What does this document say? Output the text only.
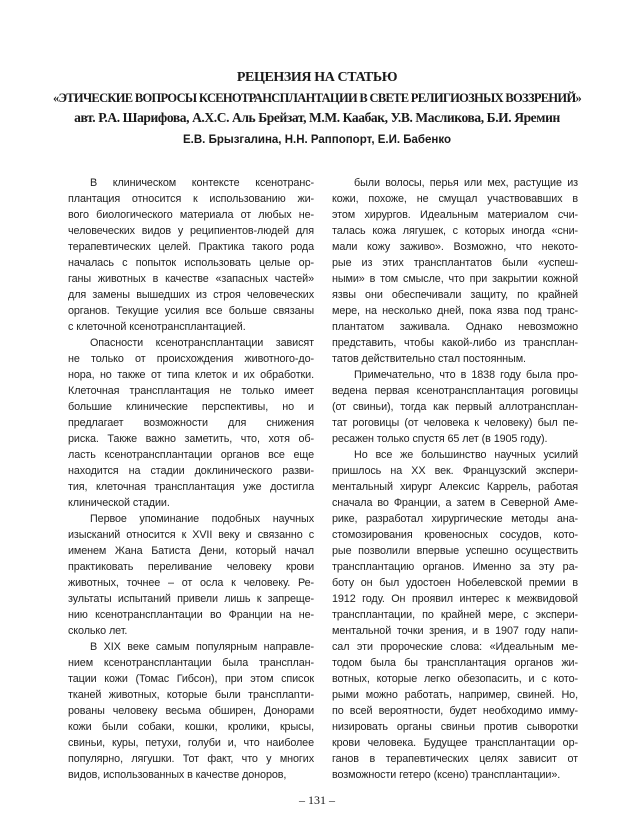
РЕЦЕНЗИЯ НА СТАТЬЮ
«ЭТИЧЕСКИЕ ВОПРОСЫ КСЕНОТРАНСПЛАНТАЦИИ В СВЕТЕ РЕЛИГИОЗНЫХ ВОЗЗРЕНИЙ»
авт. Р.А. Шарифова, А.Х.С. Аль Брейзат, М.М. Каабак, У.В. Масликова, Б.И. Яремин
Е.В. Брызгалина, Н.Н. Раппопорт, Е.И. Бабенко
В клиническом контексте ксенотранс-
плантация относится к использованию жи-
вого биологического материала от любых не-
человеческих видов у реципиентов-людей для
терапевтических целей. Практика такого рода
началась с попыток использовать целые ор-
ганы животных в качестве «запасных частей»
для замены вышедших из строя человеческих
органов. Текущие усилия все больше связаны
с клеточной ксенотрансплантацией.
Опасности ксенотрансплантации зависят
не только от происхождения животного-до-
нора, но также от типа клеток и их обработки.
Клеточная трансплантация не только имеет
большие клинические перспективы, но и
предлагает возможности для снижения
риска. Также важно заметить, что, хотя об-
ласть ксенотрансплантации органов все еще
находится на стадии доклинического разви-
тия, клеточная трансплантация уже достигла
клинической стадии.
Первое упоминание подобных научных
изысканий относится к XVII веку и связанно с
именем Жана Батиста Дени, который начал
практиковать переливание человеку крови
животных, точнее – от осла к человеку. Ре-
зультаты испытаний привели лишь к запреще-
нию ксенотрансплантации во Франции на не-
сколько лет.
В XIX веке самым популярным направле-
нием ксенотрансплантации была трансплан-
тации кожи (Томас Гибсон), при этом список
тканей животных, которые были трансплanти-
рованы человеку весьма обширен, Донорами
кожи были собаки, кошки, кролики, крысы,
свиньи, куры, петухи, голуби и, что наиболее
популярно, лягушки. Тот факт, что у многих
видов, использованных в качестве доноров,
были волосы, перья или мех, растущие из
кожи, похоже, не смущал участвовавших в
этом хирургов. Идеальным материалом счи-
талась кожа лягушек, с которых иногда «сни-
мали кожу заживо». Возможно, что некото-
рые из этих трансплантатов были «успеш-
ными» в том смысле, что при закрытии кожной
язвы они обеспечивали защиту, по крайней
мере, на несколько дней, пока язва под транс-
плантатом заживала. Однако невозможно
представить, чтобы какой-либо из трансплан-
татов действительно стал постоянным.
Примечательно, что в 1838 году была про-
ведена первая ксенотрансплантация роговицы
(от свиньи), тогда как первый аллотрансплан-
тат роговицы (от человека к человеку) был пе-
ресажен только спустя 65 лет (в 1905 году).
Но все же большинство научных усилий
пришлось на XX век. Французский экспери-
ментальный хирург Алексис Каррель, работая
сначала во Франции, а затем в Северной Аме-
рике, разработал хирургические методы ана-
стомозирования кровеносных сосудов, кото-
рые позволили впервые успешно осуществить
трансплантацию органов. Именно за эту ра-
боту он был удостоен Нобелевской премии в
1912 году. Он проявил интерес к межвидовой
трансплантации, по крайней мере, с экспери-
ментальной точки зрения, и в 1907 году напи-
сал эти пророческие слова: «Идеальным ме-
тодом была бы трансплантация органов жи-
вотных, которые легко обезопасить, и с кото-
рыми можно работать, например, свиней. Но,
по всей вероятности, будет необходимо иммy-
низировать органы свиньи против сыворотки
крови человека. Будущее трансплантации ор-
ганов в терапевтических целях зависит от
возможности гетеро (ксено) трансплантации».
– 131 –
